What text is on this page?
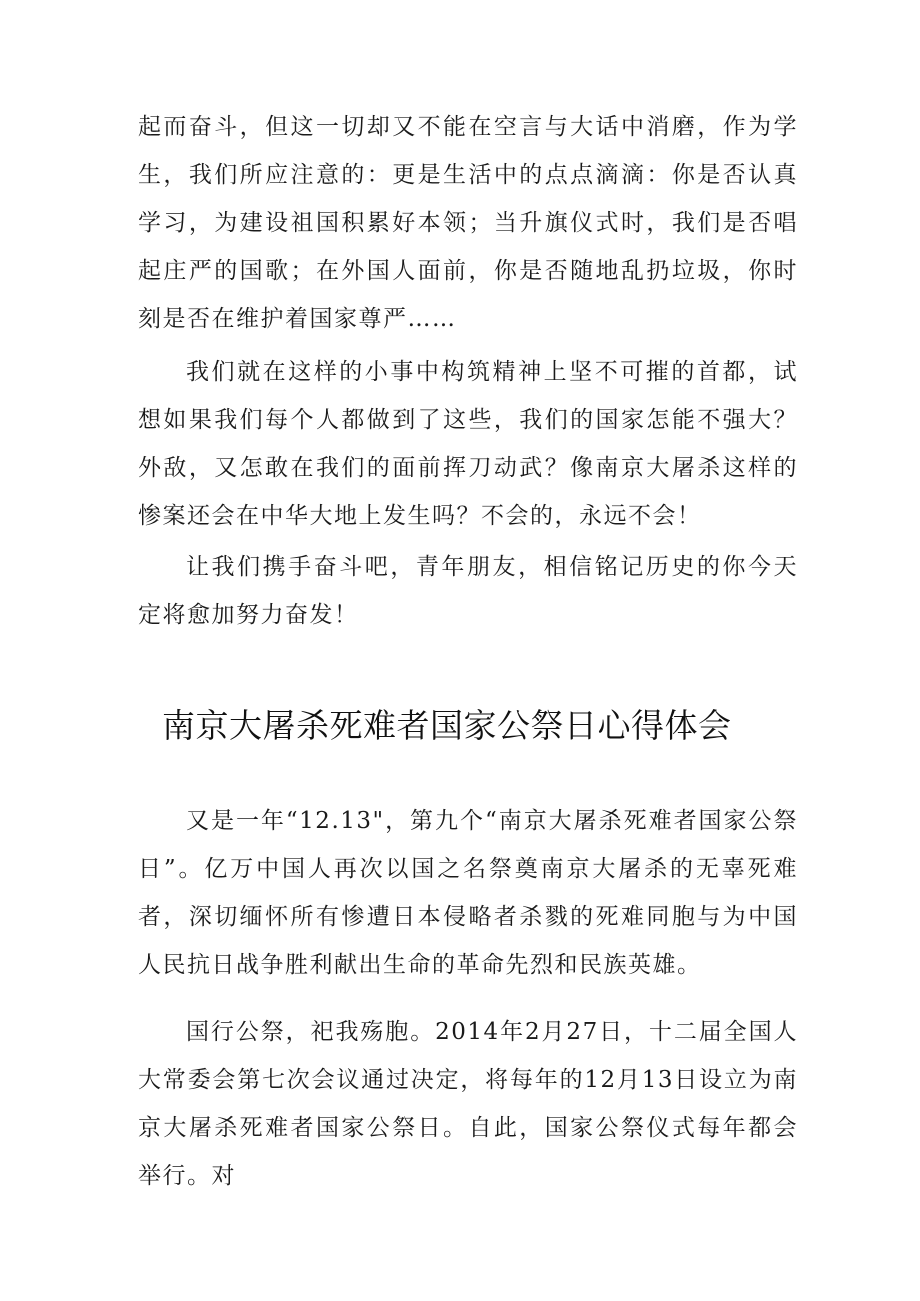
起而奋斗，但这一切却又不能在空言与大话中消磨，作为学生，我们所应注意的：更是生活中的点点滴滴：你是否认真学习，为建设祖国积累好本领；当升旗仪式时，我们是否唱起庄严的国歌；在外国人面前，你是否随地乱扔垃圾，你时刻是否在维护着国家尊严……

我们就在这样的小事中构筑精神上坚不可摧的首都，试想如果我们每个人都做到了这些，我们的国家怎能不强大？外敌，又怎敢在我们的面前挥刀动武？像南京大屠杀这样的惨案还会在中华大地上发生吗？不会的，永远不会！

让我们携手奋斗吧，青年朋友，相信铭记历史的你今天定将愈加努力奋发！

南京大屠杀死难者国家公祭日心得体会

又是一年“12.13"，第九个“南京大屠杀死难者国家公祭日”。亿万中国人再次以国之名祭奠南京大屠杀的无辜死难者，深切缅怀所有惨遭日本侵略者杀戮的死难同胞与为中国人民抗日战争胜利献出生命的革命先烈和民族英雄。

国行公祭，祀我殇胞。2014年2月27日，十二届全国人大常委会第七次会议通过决定，将每年的12月13日设立为南京大屠杀死难者国家公祭日。自此，国家公祭仪式每年都会举行。对
